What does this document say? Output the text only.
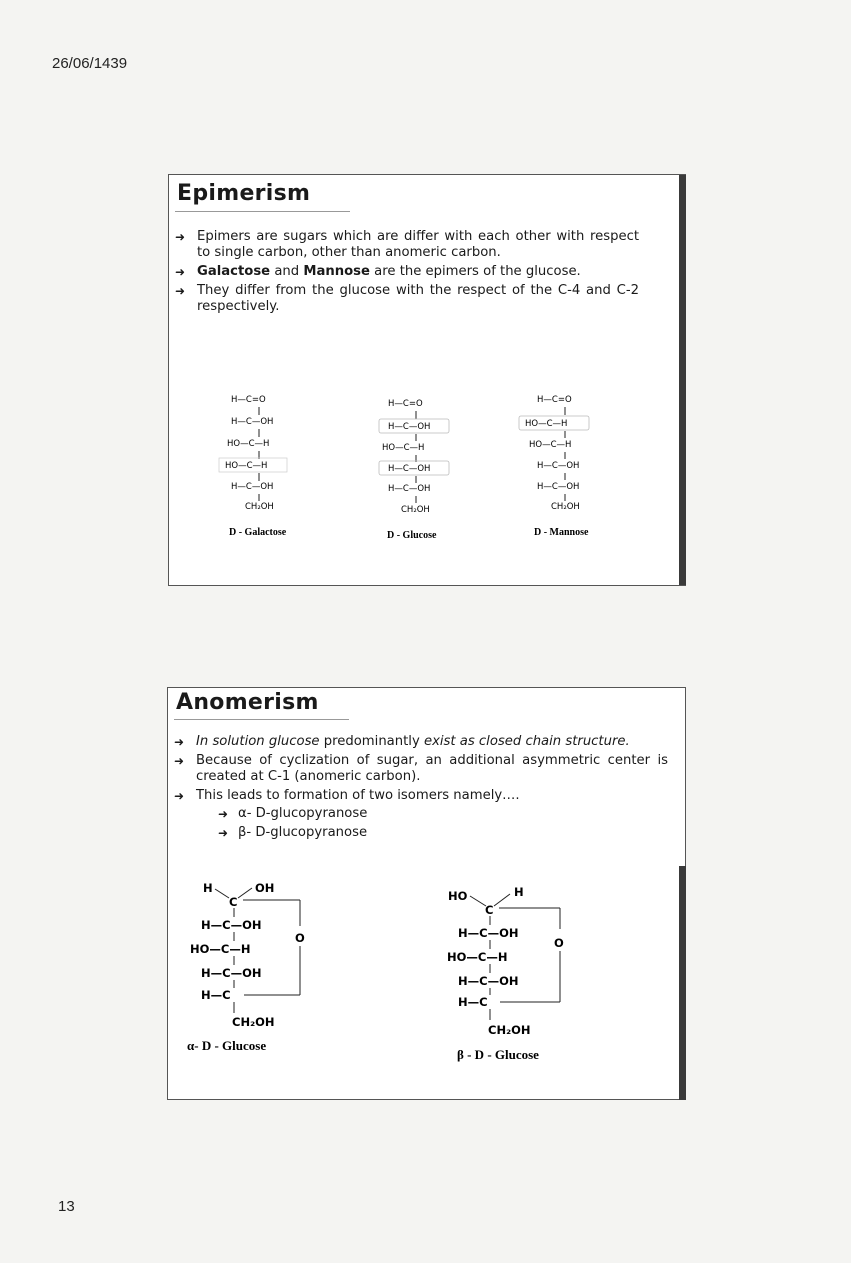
26/06/1439
Epimerism
➜ Epimers are sugars which are differ with each other with respect to single carbon, other than anomeric carbon.
➜ Galactose and Mannose are the epimers of the glucose.
➜ They differ from the glucose with the respect of the C-4 and C-2 respectively.
H—C=O
H—C—OH
HO—C—H
HO—C—H
H—C—OH
CH₂OH
D - Galactose
H—C=O
H—C—OH
HO—C—H
H—C—OH
H—C—OH
CH₂OH
D - Glucose
H—C=O
HO—C—H
HO—C—H
H—C—OH
H—C—OH
CH₂OH
D - Mannose
Anomerism
➜ In solution glucose predominantly exist as closed chain structure.
➜ Because of cyclization of sugar, an additional asymmetric center is created at C-1 (anomeric carbon).
➜ This leads to formation of two isomers namely….
➜ α- D-glucopyranose
➜ β- D-glucopyranose
H
C
OH
H—C—OH
O
HO—C—H
H—C—OH
H—C
CH₂OH
α- D - Glucose
HO
C
H
H—C—OH
O
HO—C—H
H—C—OH
H—C
CH₂OH
β - D - Glucose
13
